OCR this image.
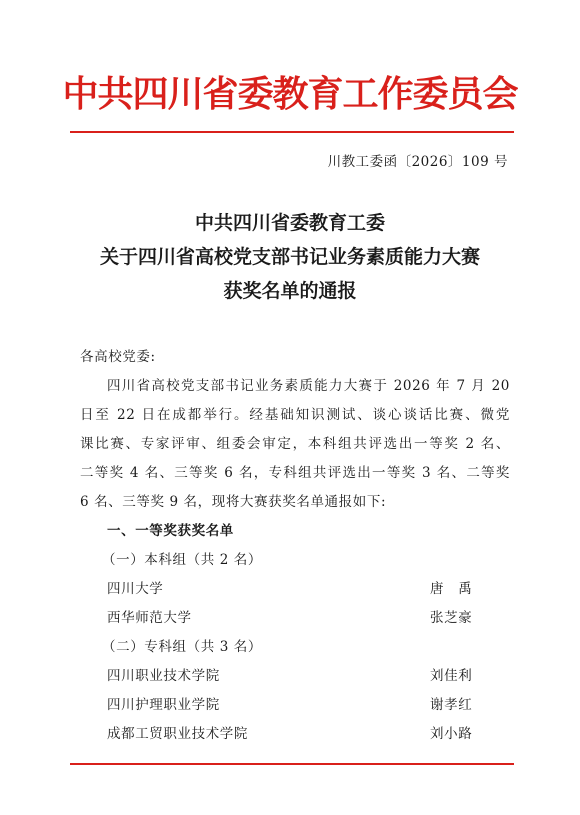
中共四川省委教育工作委员会
川教工委函〔2026〕109 号
中共四川省委教育工委
关于四川省高校党支部书记业务素质能力大赛
获奖名单的通报
各高校党委:
四川省高校党支部书记业务素质能力大赛于 2026 年 7 月 20
日至 22 日在成都举行。经基础知识测试、谈心谈话比赛、微党
课比赛、专家评审、组委会审定，本科组共评选出一等奖 2 名、
二等奖 4 名、三等奖 6 名，专科组共评选出一等奖 3 名、二等奖
6 名、三等奖 9 名，现将大赛获奖名单通报如下:
一、一等奖获奖名单
（一）本科组（共 2 名）
四川大学	唐　禹
西华师范大学	张芝豪
（二）专科组（共 3 名）
四川职业技术学院	刘佳利
四川护理职业学院	谢孝红
成都工贸职业技术学院	刘小路
